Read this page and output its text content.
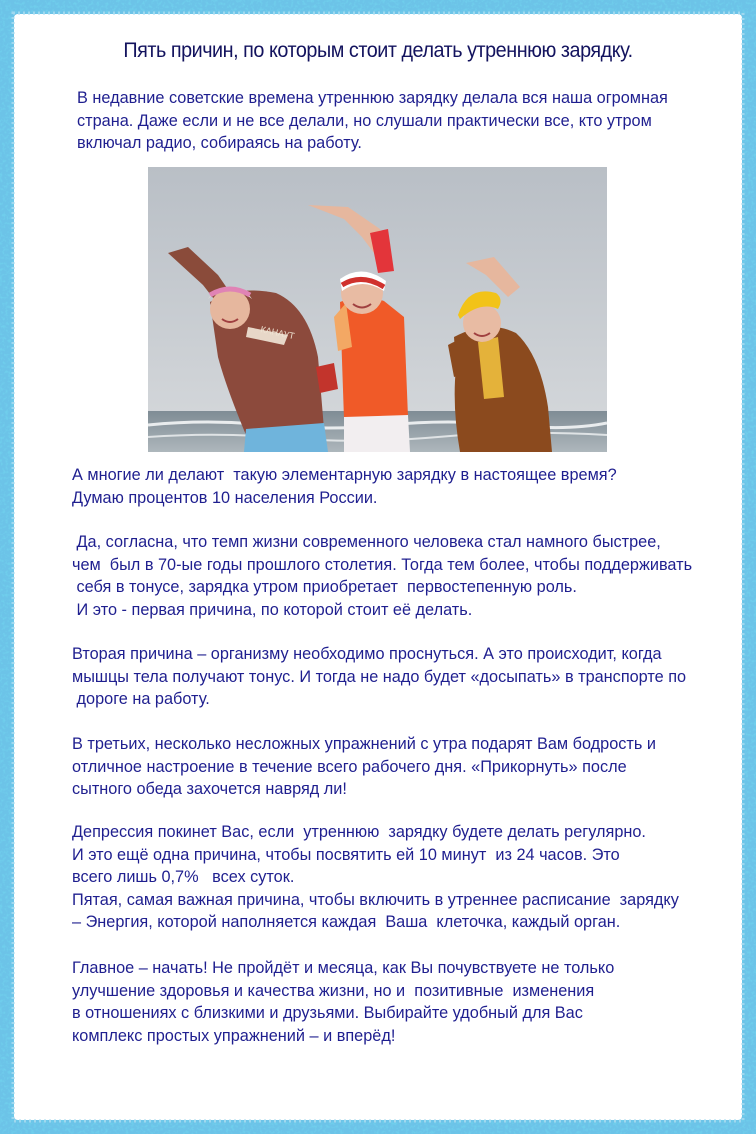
Пять причин, по которым стоит делать утреннюю зарядку.

В недавние советские времена утреннюю зарядку делала вся наша огромная
страна. Даже если и не все делали, но слушали практически все, кто утром
включал радио, собираясь на работу.

КАНАУТ

А многие ли делают  такую элементарную зарядку в настоящее время?
Думаю процентов 10 населения России.

Да, согласна, что темп жизни современного человека стал намного быстрее,
чем  был в 70-ые годы прошлого столетия. Тогда тем более, чтобы поддерживать
себя в тонусе, зарядка утром приобретает  первостепенную роль.
И это - первая причина, по которой стоит её делать.

Вторая причина – организму необходимо проснуться. А это происходит, когда
мышцы тела получают тонус. И тогда не надо будет «досыпать» в транспорте по
дороге на работу.

В третьих, несколько несложных упражнений с утра подарят Вам бодрость и
отличное настроение в течение всего рабочего дня. «Прикорнуть» после
сытного обеда захочется навряд ли!

Депрессия покинет Вас, если  утреннюю  зарядку будете делать регулярно.
И это ещё одна причина, чтобы посвятить ей 10 минут  из 24 часов. Это
всего лишь 0,7%   всех суток.
Пятая, самая важная причина, чтобы включить в утреннее расписание  зарядку
– Энергия, которой наполняется каждая  Ваша  клеточка, каждый орган.

Главное – начать! Не пройдёт и месяца, как Вы почувствуете не только
улучшение здоровья и качества жизни, но и  позитивные  изменения
в отношениях с близкими и друзьями. Выбирайте удобный для Вас
комплекс простых упражнений – и вперёд!
